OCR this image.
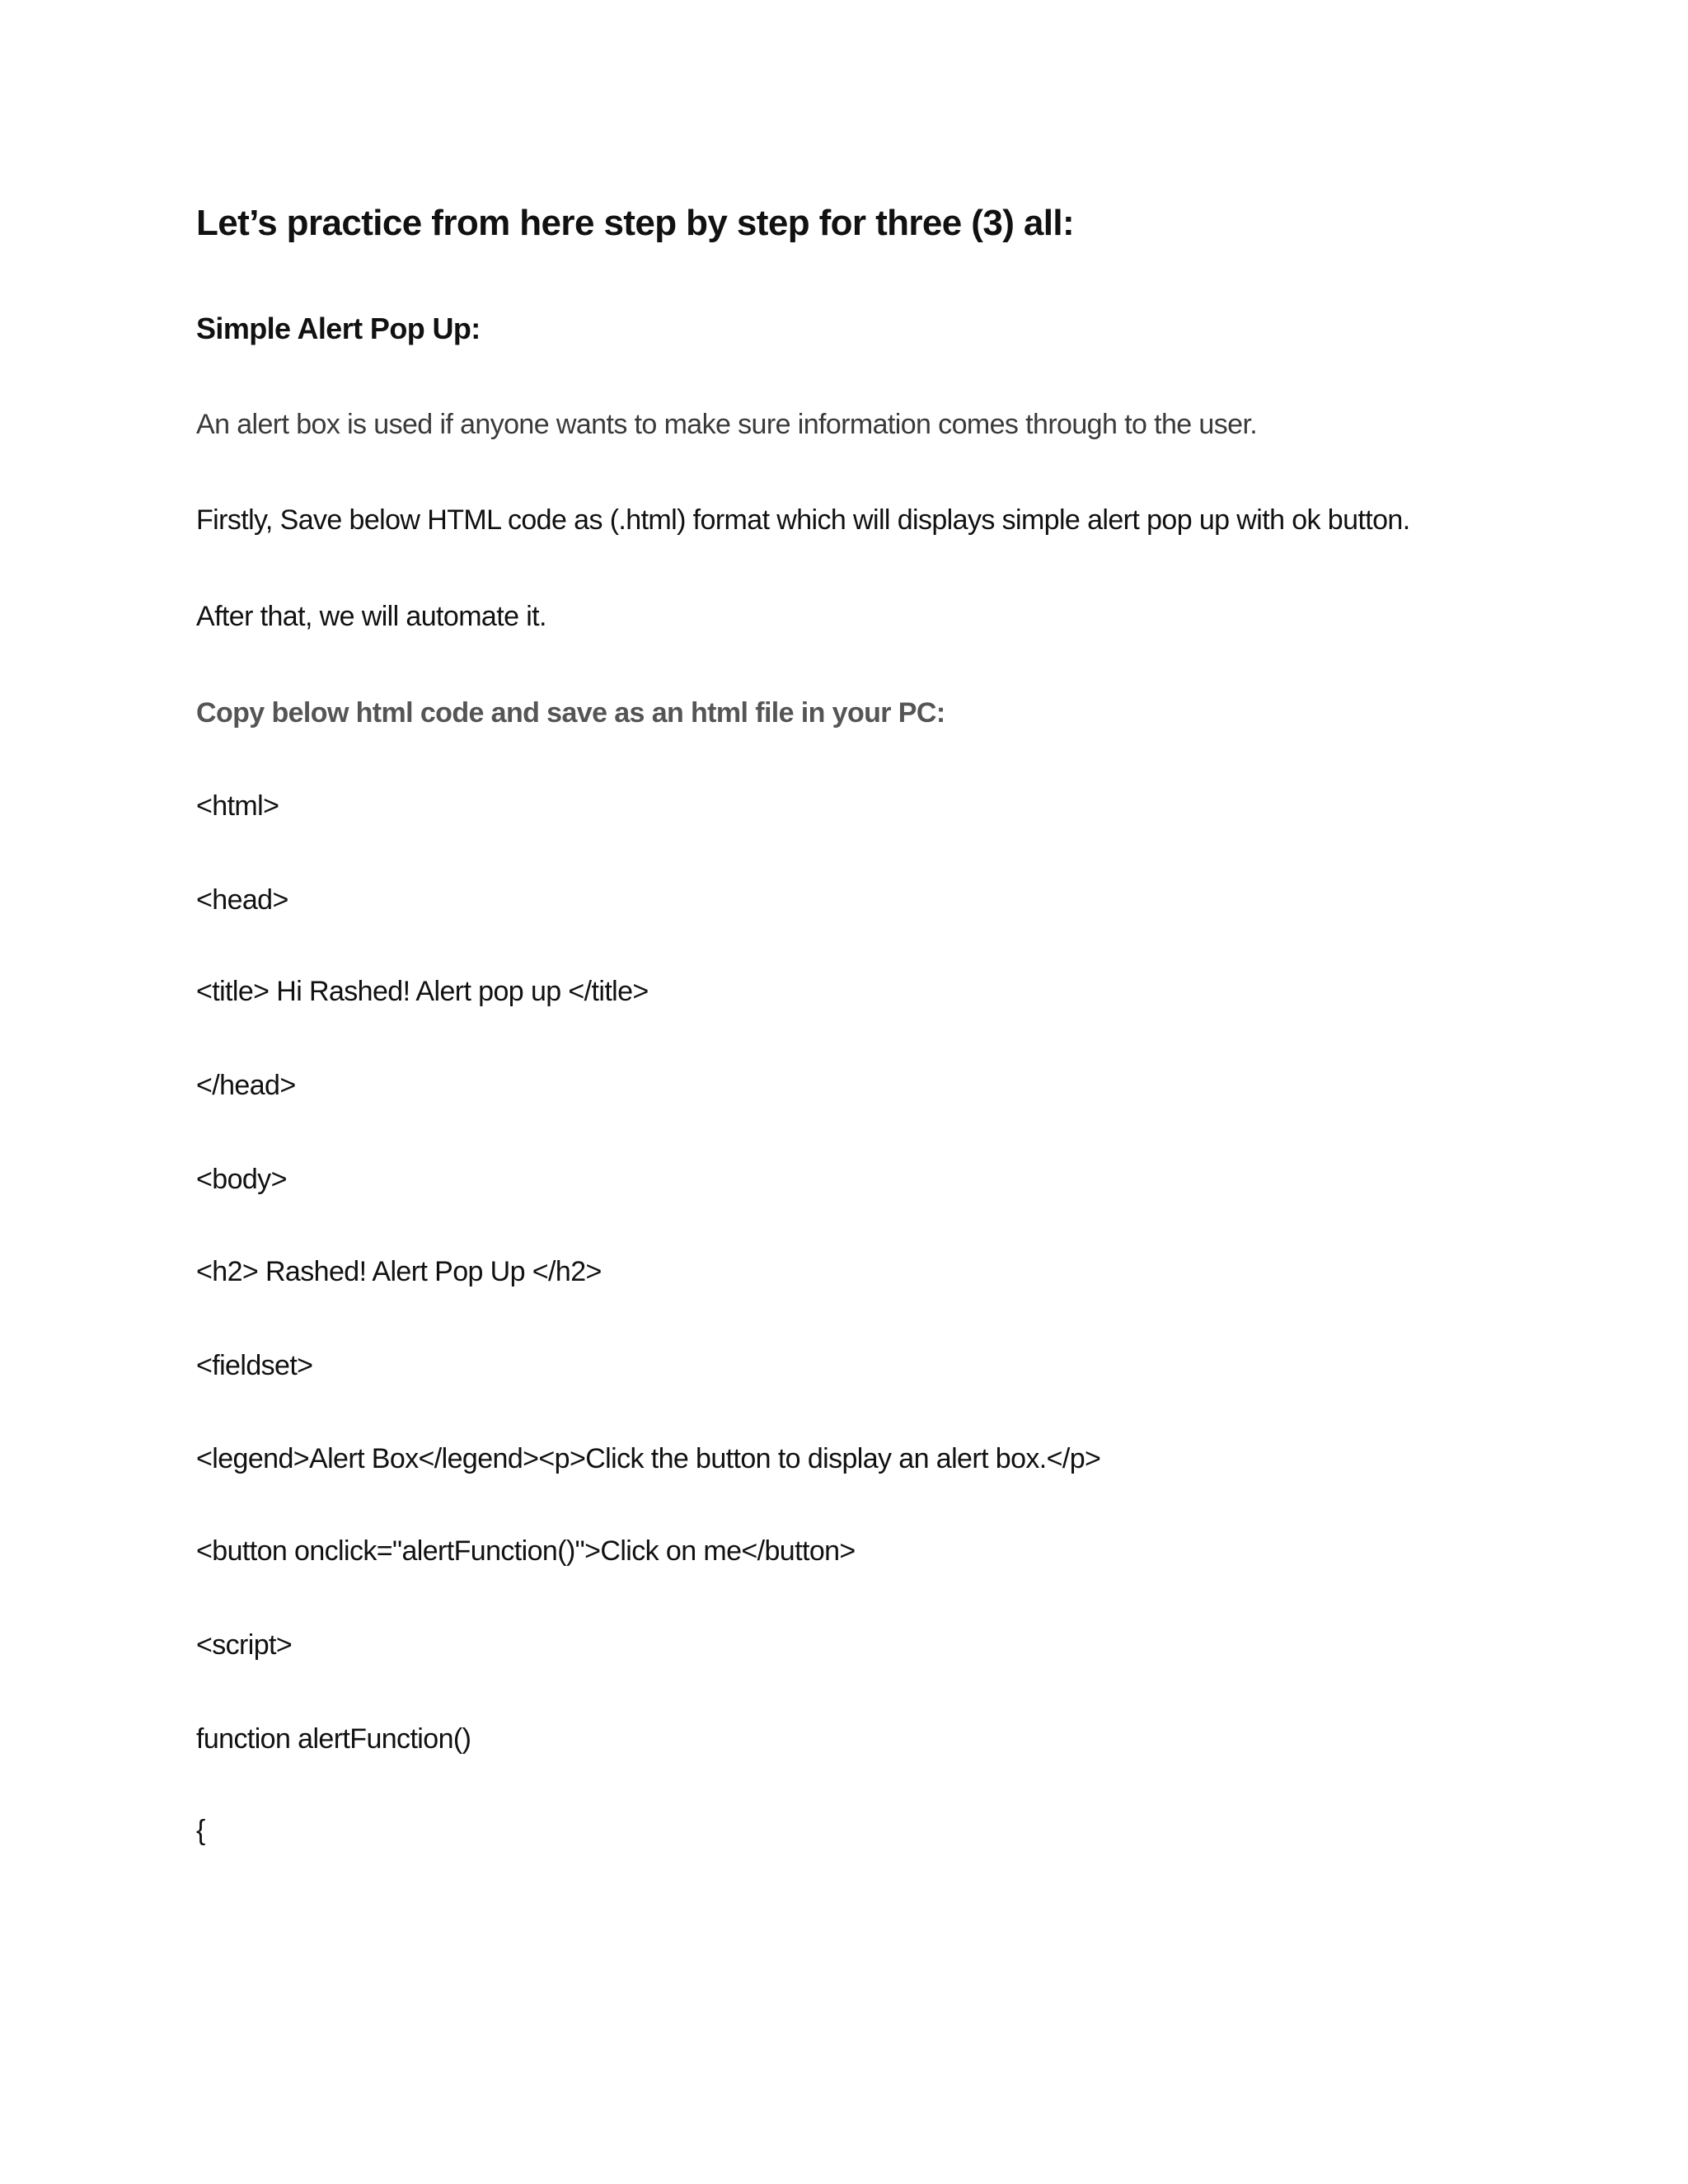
Let’s practice from here step by step for three (3) all:
Simple Alert Pop Up:
An alert box is used if anyone wants to make sure information comes through to the user.
Firstly, Save below HTML code as (.html) format which will displays simple alert pop up with ok button.
After that, we will automate it.
Copy below html code and save as an html file in your PC:
<html>
<head>
<title> Hi Rashed! Alert pop up </title>
</head>
<body>
<h2> Rashed! Alert Pop Up </h2>
<fieldset>
<legend>Alert Box</legend><p>Click the button to display an alert box.</p>
<button onclick="alertFunction()">Click on me</button>
<script>
function alertFunction()
{
